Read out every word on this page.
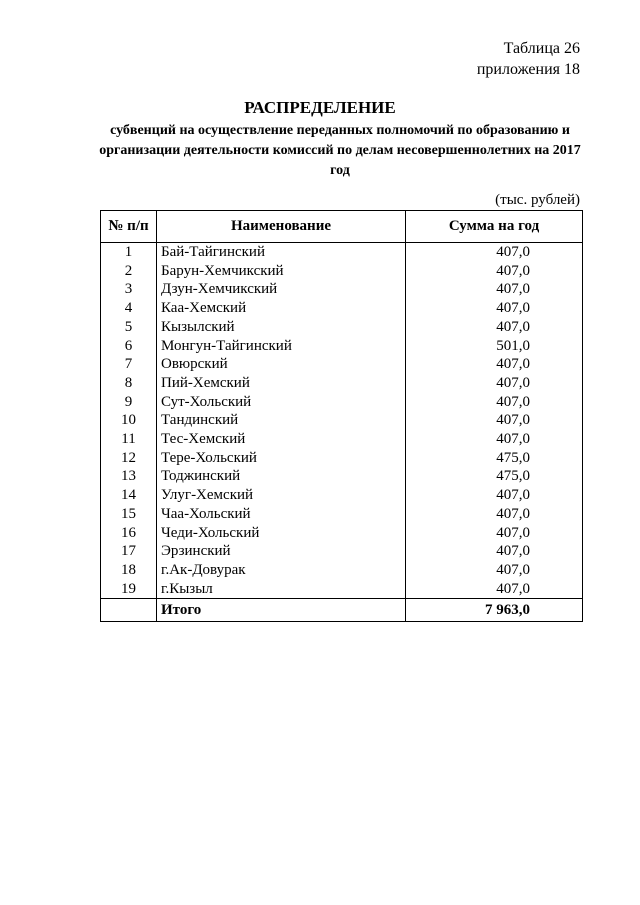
Таблица 26
приложения 18
РАСПРЕДЕЛЕНИЕ
субвенций на осуществление переданных полномочий по образованию и организации деятельности комиссий по делам несовершеннолетних на 2017 год
(тыс. рублей)
№ п/п	Наименование	Сумма на год
1	Бай-Тайгинский	407,0
2	Барун-Хемчикский	407,0
3	Дзун-Хемчикский	407,0
4	Каа-Хемский	407,0
5	Кызылский	407,0
6	Монгун-Тайгинский	501,0
7	Овюрский	407,0
8	Пий-Хемский	407,0
9	Сут-Хольский	407,0
10	Тандинский	407,0
11	Тес-Хемский	407,0
12	Тере-Хольский	475,0
13	Тоджинский	475,0
14	Улуг-Хемский	407,0
15	Чаа-Хольский	407,0
16	Чеди-Хольский	407,0
17	Эрзинский	407,0
18	г.Ак-Довурак	407,0
19	г.Кызыл	407,0
	Итого	7 963,0
